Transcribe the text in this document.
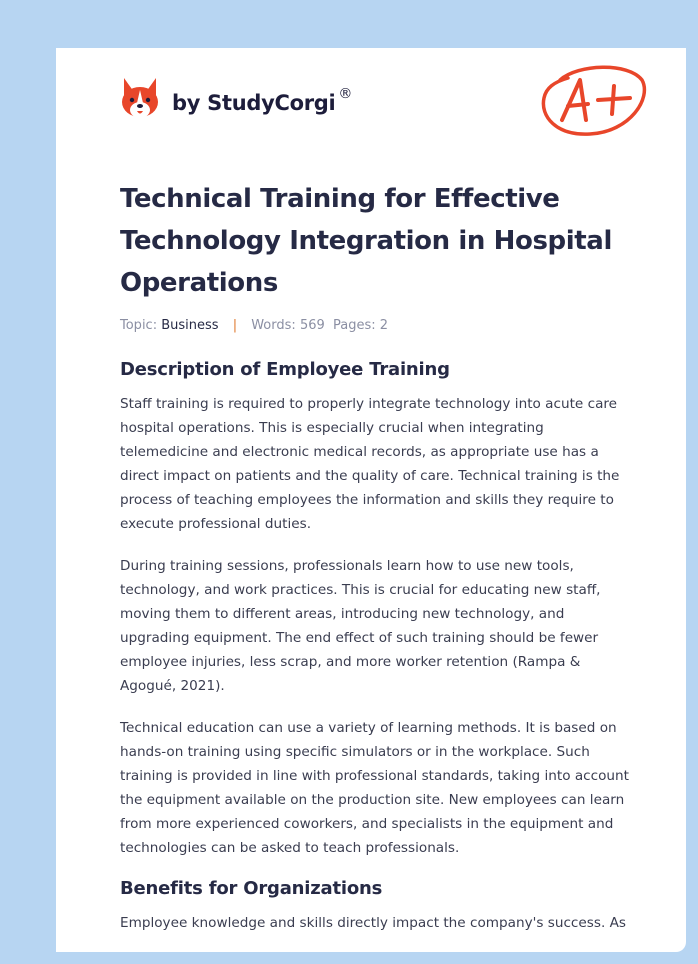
by StudyCorgi ®
Technical Training for Effective Technology Integration in Hospital Operations
Topic: Business | Words: 569 Pages: 2
Description of Employee Training

Staff training is required to properly integrate technology into acute care hospital operations. This is especially crucial when integrating telemedicine and electronic medical records, as appropriate use has a direct impact on patients and the quality of care. Technical training is the process of teaching employees the information and skills they require to execute professional duties.

During training sessions, professionals learn how to use new tools, technology, and work practices. This is crucial for educating new staff, moving them to different areas, introducing new technology, and upgrading equipment. The end effect of such training should be fewer employee injuries, less scrap, and more worker retention (Rampa & Agogué, 2021).

Technical education can use a variety of learning methods. It is based on hands-on training using specific simulators or in the workplace. Such training is provided in line with professional standards, taking into account the equipment available on the production site. New employees can learn from more experienced coworkers, and specialists in the equipment and technologies can be asked to teach professionals.

Benefits for Organizations

Employee knowledge and skills directly impact the company's success. As
